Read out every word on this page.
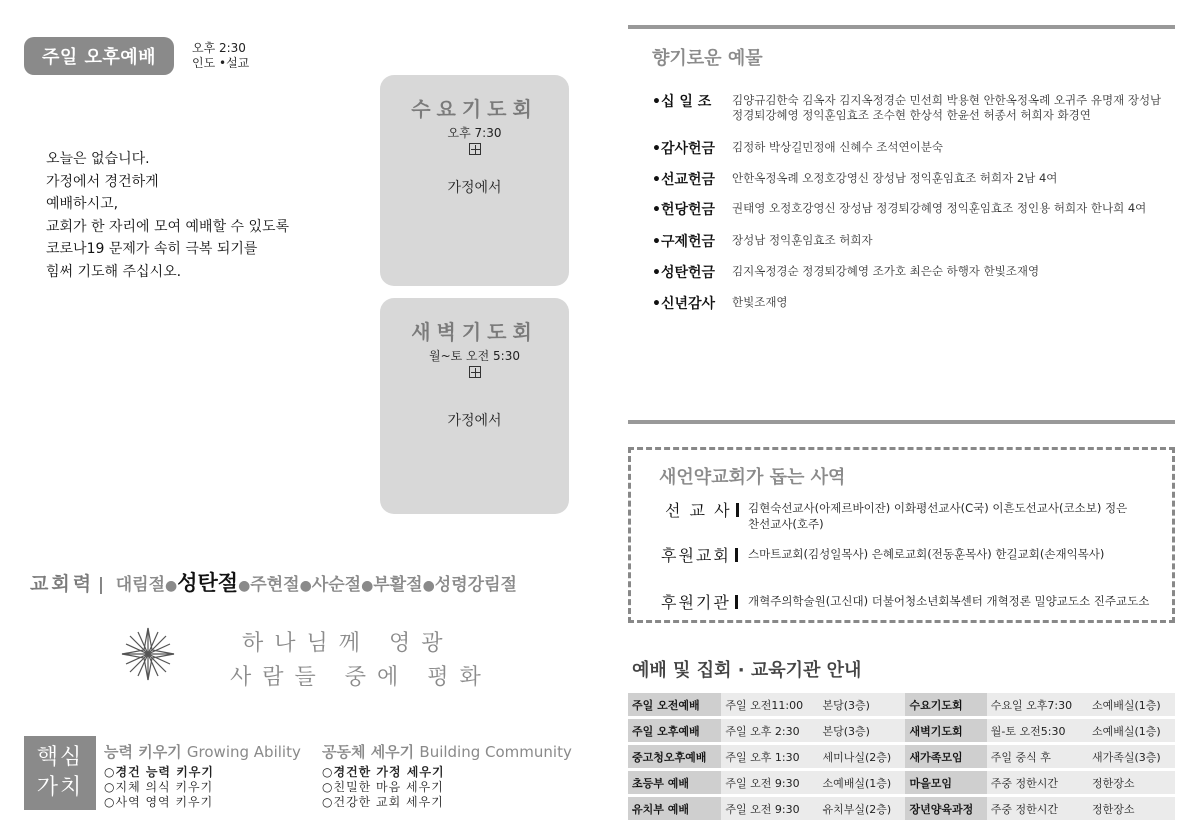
주일 오후예배	오후 2:30
인도 •설교
오늘은 없습니다.
가정에서 경건하게
예배하시고,
교회가 한 자리에 모여 예배할 수 있도록
코로나19 문제가 속히 극복 되기를
힘써 기도해 주십시오.
수요기도회
오후 7:30
가정에서
새벽기도회
월~토 오전 5:30
가정에서
교회력 | 대림절●성탄절●주현절●사순절●부활절●성령강림절
하나님께 영광
사람들 중에 평화
핵심
가치
능력 키우기 Growing Ability
○경건 능력 키우기
○지체 의식 키우기
○사역 영역 키우기
공동체 세우기 Building Community
○경건한 가정 세우기
○친밀한 마음 세우기
○건강한 교회 세우기
향기로운 예물
•십 일 조 김양규김한숙 김옥자 김지옥정경순 민선희 박용현 안한옥정옥례 오귀주 유명재 장성남 정경퇴강혜영 정익훈임효조 조수현 한상석 한윤선 허종서 허희자 화경연
•감사헌금 김정하 박상길민정애 신혜수 조석연이분숙
•선교헌금 안한옥정옥례 오정호강영신 장성남 정익훈임효조 허희자 2남 4여
•헌당헌금 권태영 오정호강영신 장성남 정경퇴강혜영 정익훈임효조 정인용 허희자 한나희 4여
•구제헌금 장성남 정익훈임효조 허희자
•성탄헌금 김지옥정경순 정경퇴강혜영 조가호 최은순 하행자 한빛조재영
•신년감사 한빛조재영
새언약교회가 돕는 사역
선 교 사	김현숙선교사(아제르바이잔) 이화평선교사(C국) 이흔도선교사(코소보) 정은찬선교사(호주)
후원교회	스마트교회(김성일목사) 은혜로교회(전동훈목사) 한길교회(손재익목사)
후원기관	개혁주의학술원(고신대) 더불어청소년회복센터 개혁정론 밀양교도소 진주교도소
예배 및 집회 · 교육기관 안내
주일 오전예배	주일 오전11:00	본당(3층)	수요기도회	수요일 오후7:30	소예배실(1층)
주일 오후예배	주일 오후 2:30	본당(3층)	새벽기도회	월-토 오전5:30	소예배실(1층)
중고청오후예배	주일 오후 1:30	세미나실(2층)	새가족모임	주일 중식 후	새가족실(3층)
초등부 예배	주일 오전 9:30	소예배실(1층)	마을모임	주중 정한시간	정한장소
유치부 예배	주일 오전 9:30	유치부실(2층)	장년양육과정	주중 정한시간	정한장소
